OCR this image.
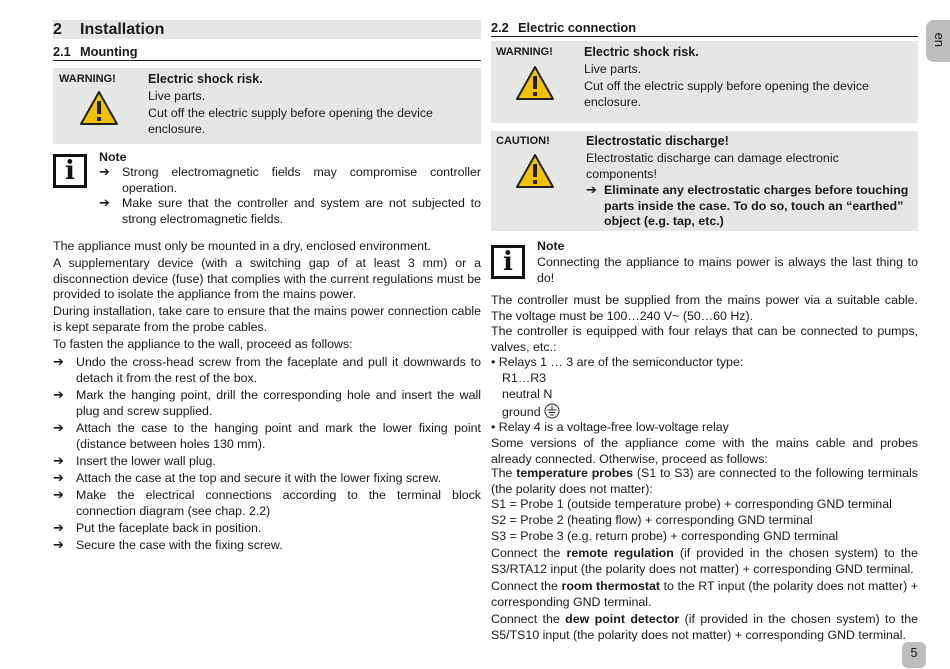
2 Installation
2.1 Mounting
WARNING!	Electric shock risk.
Live parts.
Cut off the electric supply before opening the device enclosure.
i	Note
➔ Strong electromagnetic fields may compromise controller operation.
➔ Make sure that the controller and system are not subjected to strong electromagnetic fields.
The appliance must only be mounted in a dry, enclosed environment.
A supplementary device (with a switching gap of at least 3 mm) or a disconnection device (fuse) that complies with the current regulations must be provided to isolate the appliance from the mains power.
During installation, take care to ensure that the mains power connection cable is kept separate from the probe cables.
To fasten the appliance to the wall, proceed as follows:
➔ Undo the cross-head screw from the faceplate and pull it downwards to detach it from the rest of the box.
➔ Mark the hanging point, drill the corresponding hole and insert the wall plug and screw supplied.
➔ Attach the case to the hanging point and mark the lower fixing point (distance between holes 130 mm).
➔ Insert the lower wall plug.
➔ Attach the case at the top and secure it with the lower fixing screw.
➔ Make the electrical connections according to the terminal block connection diagram (see chap. 2.2)
➔ Put the faceplate back in position.
➔ Secure the case with the fixing screw.
2.2 Electric connection
WARNING! Electric shock risk.
Live parts.
Cut off the electric supply before opening the device enclosure.
CAUTION!	Electrostatic discharge!
Electrostatic discharge can damage electronic components!
➔ Eliminate any electrostatic charges before touching parts inside the case. To do so, touch an “earthed” object (e.g. tap, etc.)
i
Note
Connecting the appliance to mains power is always the last thing to do!
The controller must be supplied from the mains power via a suitable cable. The voltage must be 100…240 V~ (50…60 Hz).
The controller is equipped with four relays that can be connected to pumps, valves, etc.:
• Relays 1 … 3 are of the semiconductor type:
R1…R3
neutral N
ground
• Relay 4 is a voltage-free low-voltage relay
Some versions of the appliance come with the mains cable and probes already connected. Otherwise, proceed as follows:
The temperature probes (S1 to S3) are connected to the following terminals (the polarity does not matter):
S1 = Probe 1 (outside temperature probe) + corresponding GND terminal
S2 = Probe 2 (heating flow) + corresponding GND terminal
S3 = Probe 3 (e.g. return probe) + corresponding GND terminal
Connect the remote regulation (if provided in the chosen system) to the S3/RTA12 input (the polarity does not matter) + corresponding GND terminal.
Connect the room thermostat to the RT input (the polarity does not matter) + corresponding GND terminal.
Connect the dew point detector (if provided in the chosen system) to the S5/TS10 input (the polarity does not matter) + corresponding GND terminal.
en
5
